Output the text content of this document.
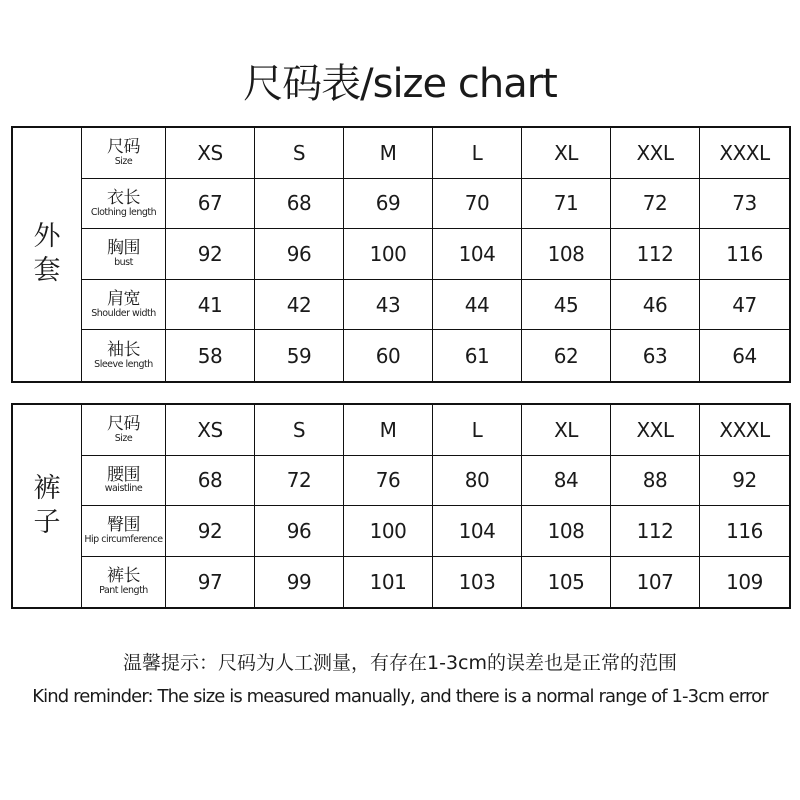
尺码表/size chart
外套
尺码
Size	XS	S	M	L	XL	XXL	XXXL
衣长
Clothing length	67	68	69	70	71	72	73
胸围
bust	92	96	100	104	108	112	116
肩宽
Shoulder width	41	42	43	44	45	46	47
袖长
Sleeve length	58	59	60	61	62	63	64
裤子
尺码
Size	XS	S	M	L	XL	XXL	XXXL
腰围
waistline	68	72	76	80	84	88	92
臀围
Hip circumference	92	96	100	104	108	112	116
裤长
Pant length	97	99	101	103	105	107	109
温馨提示：尺码为人工测量，有存在1-3cm的误差也是正常的范围
Kind reminder: The size is measured manually, and there is a normal range of 1-3cm error
